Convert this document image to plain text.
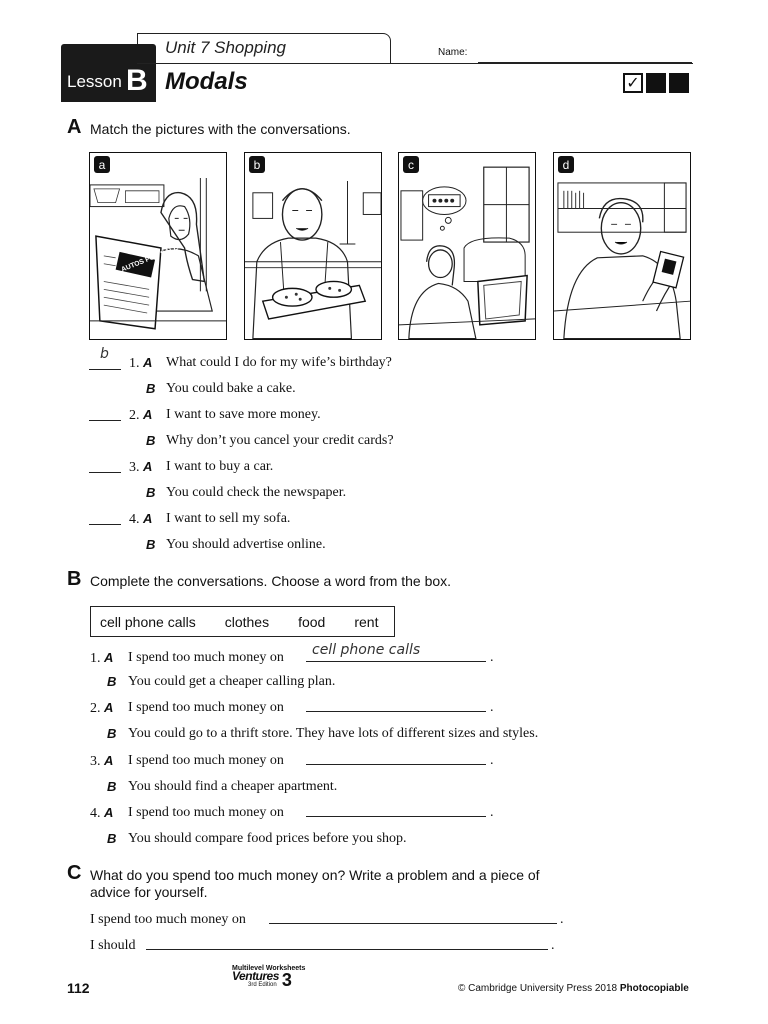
Unit 7 Shopping
Lesson B Modals
Name:
✓
A Match the pictures with the conversations.
AUTOS FOR SALE
a	b	c	d
b
1. A What could I do for my wife’s birthday?
B You could bake a cake.
2. A I want to save more money.
B Why don’t you cancel your credit cards?
3. A I want to buy a car.
B You could check the newspaper.
4. A I want to sell my sofa.
B You should advertise online.
B Complete the conversations. Choose a word from the box.
cell phone calls clothes food rent
1. A I spend too much money on cell phone calls	.
B You could get a cheaper calling plan.
2. A I spend too much money on	.
B You could go to a thrift store. They have lots of different sizes and styles.
3. A I spend too much money on	.
B You should find a cheaper apartment.
4. A I spend too much money on	.
B You should compare food prices before you shop.
C What do you spend too much money on? Write a problem and a piece of
advice for yourself.
I spend too much money on	.
I should	.
112
Multilevel Worksheets
Ventures
3rd Edition 3	© Cambridge University Press 2018 Photocopiable
